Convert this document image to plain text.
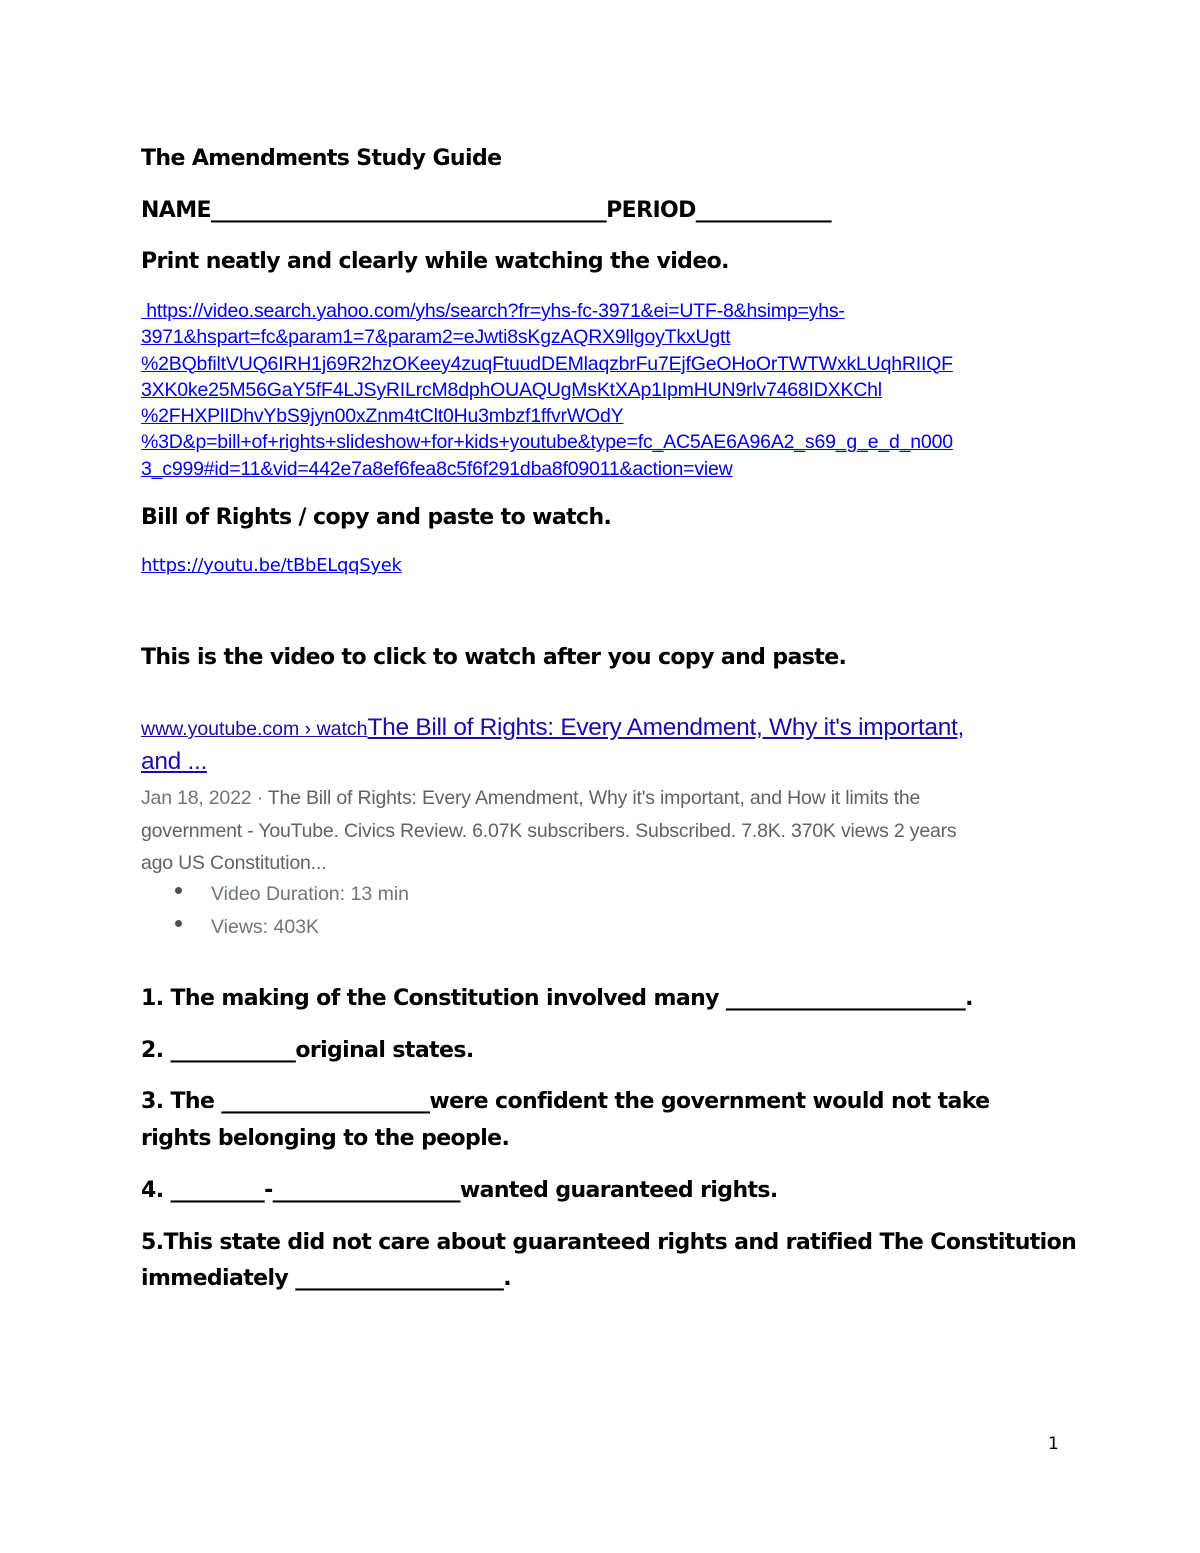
The Amendments Study Guide

NAME______________________________________PERIOD_____________

Print neatly and clearly while watching the video.

https://video.search.yahoo.com/yhs/search?fr=yhs-fc-3971&ei=UTF-8&hsimp=yhs-
3971&hspart=fc&param1=7&param2=eJwti8sKgzAQRX9llgoyTkxUgtt
%2BQbfiltVUQ6IRH1j69R2hzOKeey4zuqFtuudDEMlaqzbrFu7EjfGeOHoOrTWTWxkLUqhRIIQF
3XK0ke25M56GaY5fF4LJSyRILrcM8dphOUAQUgMsKtXAp1IpmHUN9rlv7468IDXKChl
%2FHXPlIDhvYbS9jyn00xZnm4tClt0Hu3mbzf1ffvrWOdY
%3D&p=bill+of+rights+slideshow+for+kids+youtube&type=fc_AC5AE6A96A2_s69_g_e_d_n000
3_c999#id=11&vid=442e7a8ef6fea8c5f6f291dba8f09011&action=view

Bill of Rights / copy and paste to watch.

https://youtu.be/tBbELqqSyek

This is the video to click to watch after you copy and paste.

www.youtube.com › watchThe Bill of Rights: Every Amendment, Why it's important,
and ...
Jan 18, 2022 · The Bill of Rights: Every Amendment, Why it's important, and How it limits the
government - YouTube. Civics Review. 6.07K subscribers. Subscribed. 7.8K. 370K views 2 years
ago US Constitution...
Video Duration: 13 min
Views: 403K

1. The making of the Constitution involved many _______________________.

2. ____________original states.

3. The ____________________were confident the government would not take

rights belonging to the people.

4. _________-__________________wanted guaranteed rights.

5.This state did not care about guaranteed rights and ratified The Constitution

immediately ____________________.

1
